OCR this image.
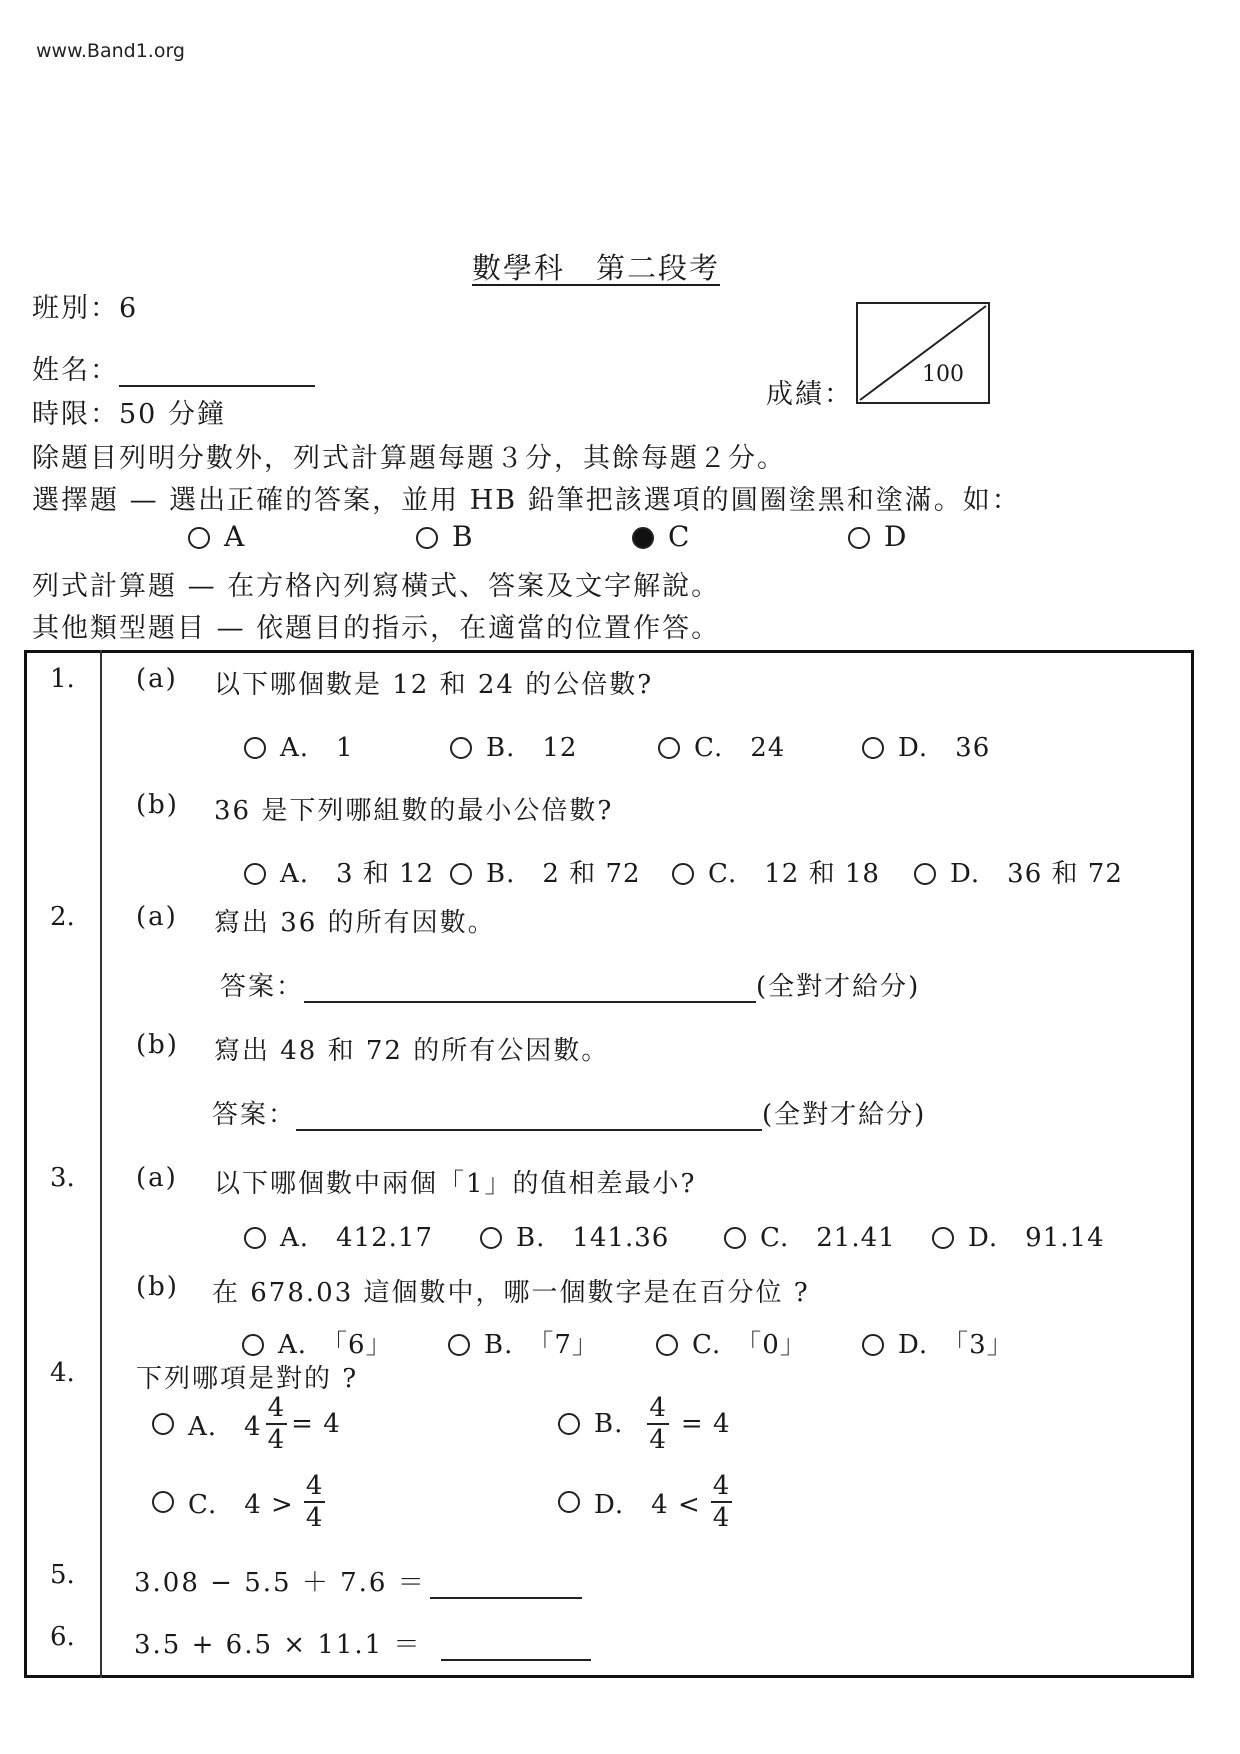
www.Band1.org
數學科　第二段考
班別：6
姓名：
時限：50 分鐘
成績：
100
除題目列明分數外，列式計算題每題３分，其餘每題２分。
選擇題 — 選出正確的答案，並用 HB 鉛筆把該選項的圓圈塗黑和塗滿。如：
A	B	C	D
列式計算題 — 在方格內列寫橫式、答案及文字解說。
其他類型題目 — 依題目的指示，在適當的位置作答。
1. (a) 以下哪個數是 12 和 24 的公倍數?
A.　1	B.　12	C.　24	D.　36
(b) 36 是下列哪組數的最小公倍數?
A.　3 和 12	B.　2 和 72	C.　12 和 18	D.　36 和 72
2. (a) 寫出 36 的所有因數。
答案：	(全對才給分)
(b) 寫出 48 和 72 的所有公因數。
答案：	(全對才給分)
3. (a) 以下哪個數中兩個「1」的值相差最小?
A.　412.17	B.　141.36	C.　21.41	D.　91.14
(b) 在 678.03 這個數中，哪一個數字是在百分位 ?
A.　「6」	B.　「7」	C.　「0」	D.　「3」
4. 下列哪項是對的 ?
A.　$4 \frac{4}{4} = 4$	B. $\frac{4}{4} = 4$
C.　$4 > \frac{4}{4}$	D.　$4 < \frac{4}{4}$
5. 3.08 − 5.5 ＋ 7.6 ＝
6. 3.5 + 6.5 × 11.1 ＝
